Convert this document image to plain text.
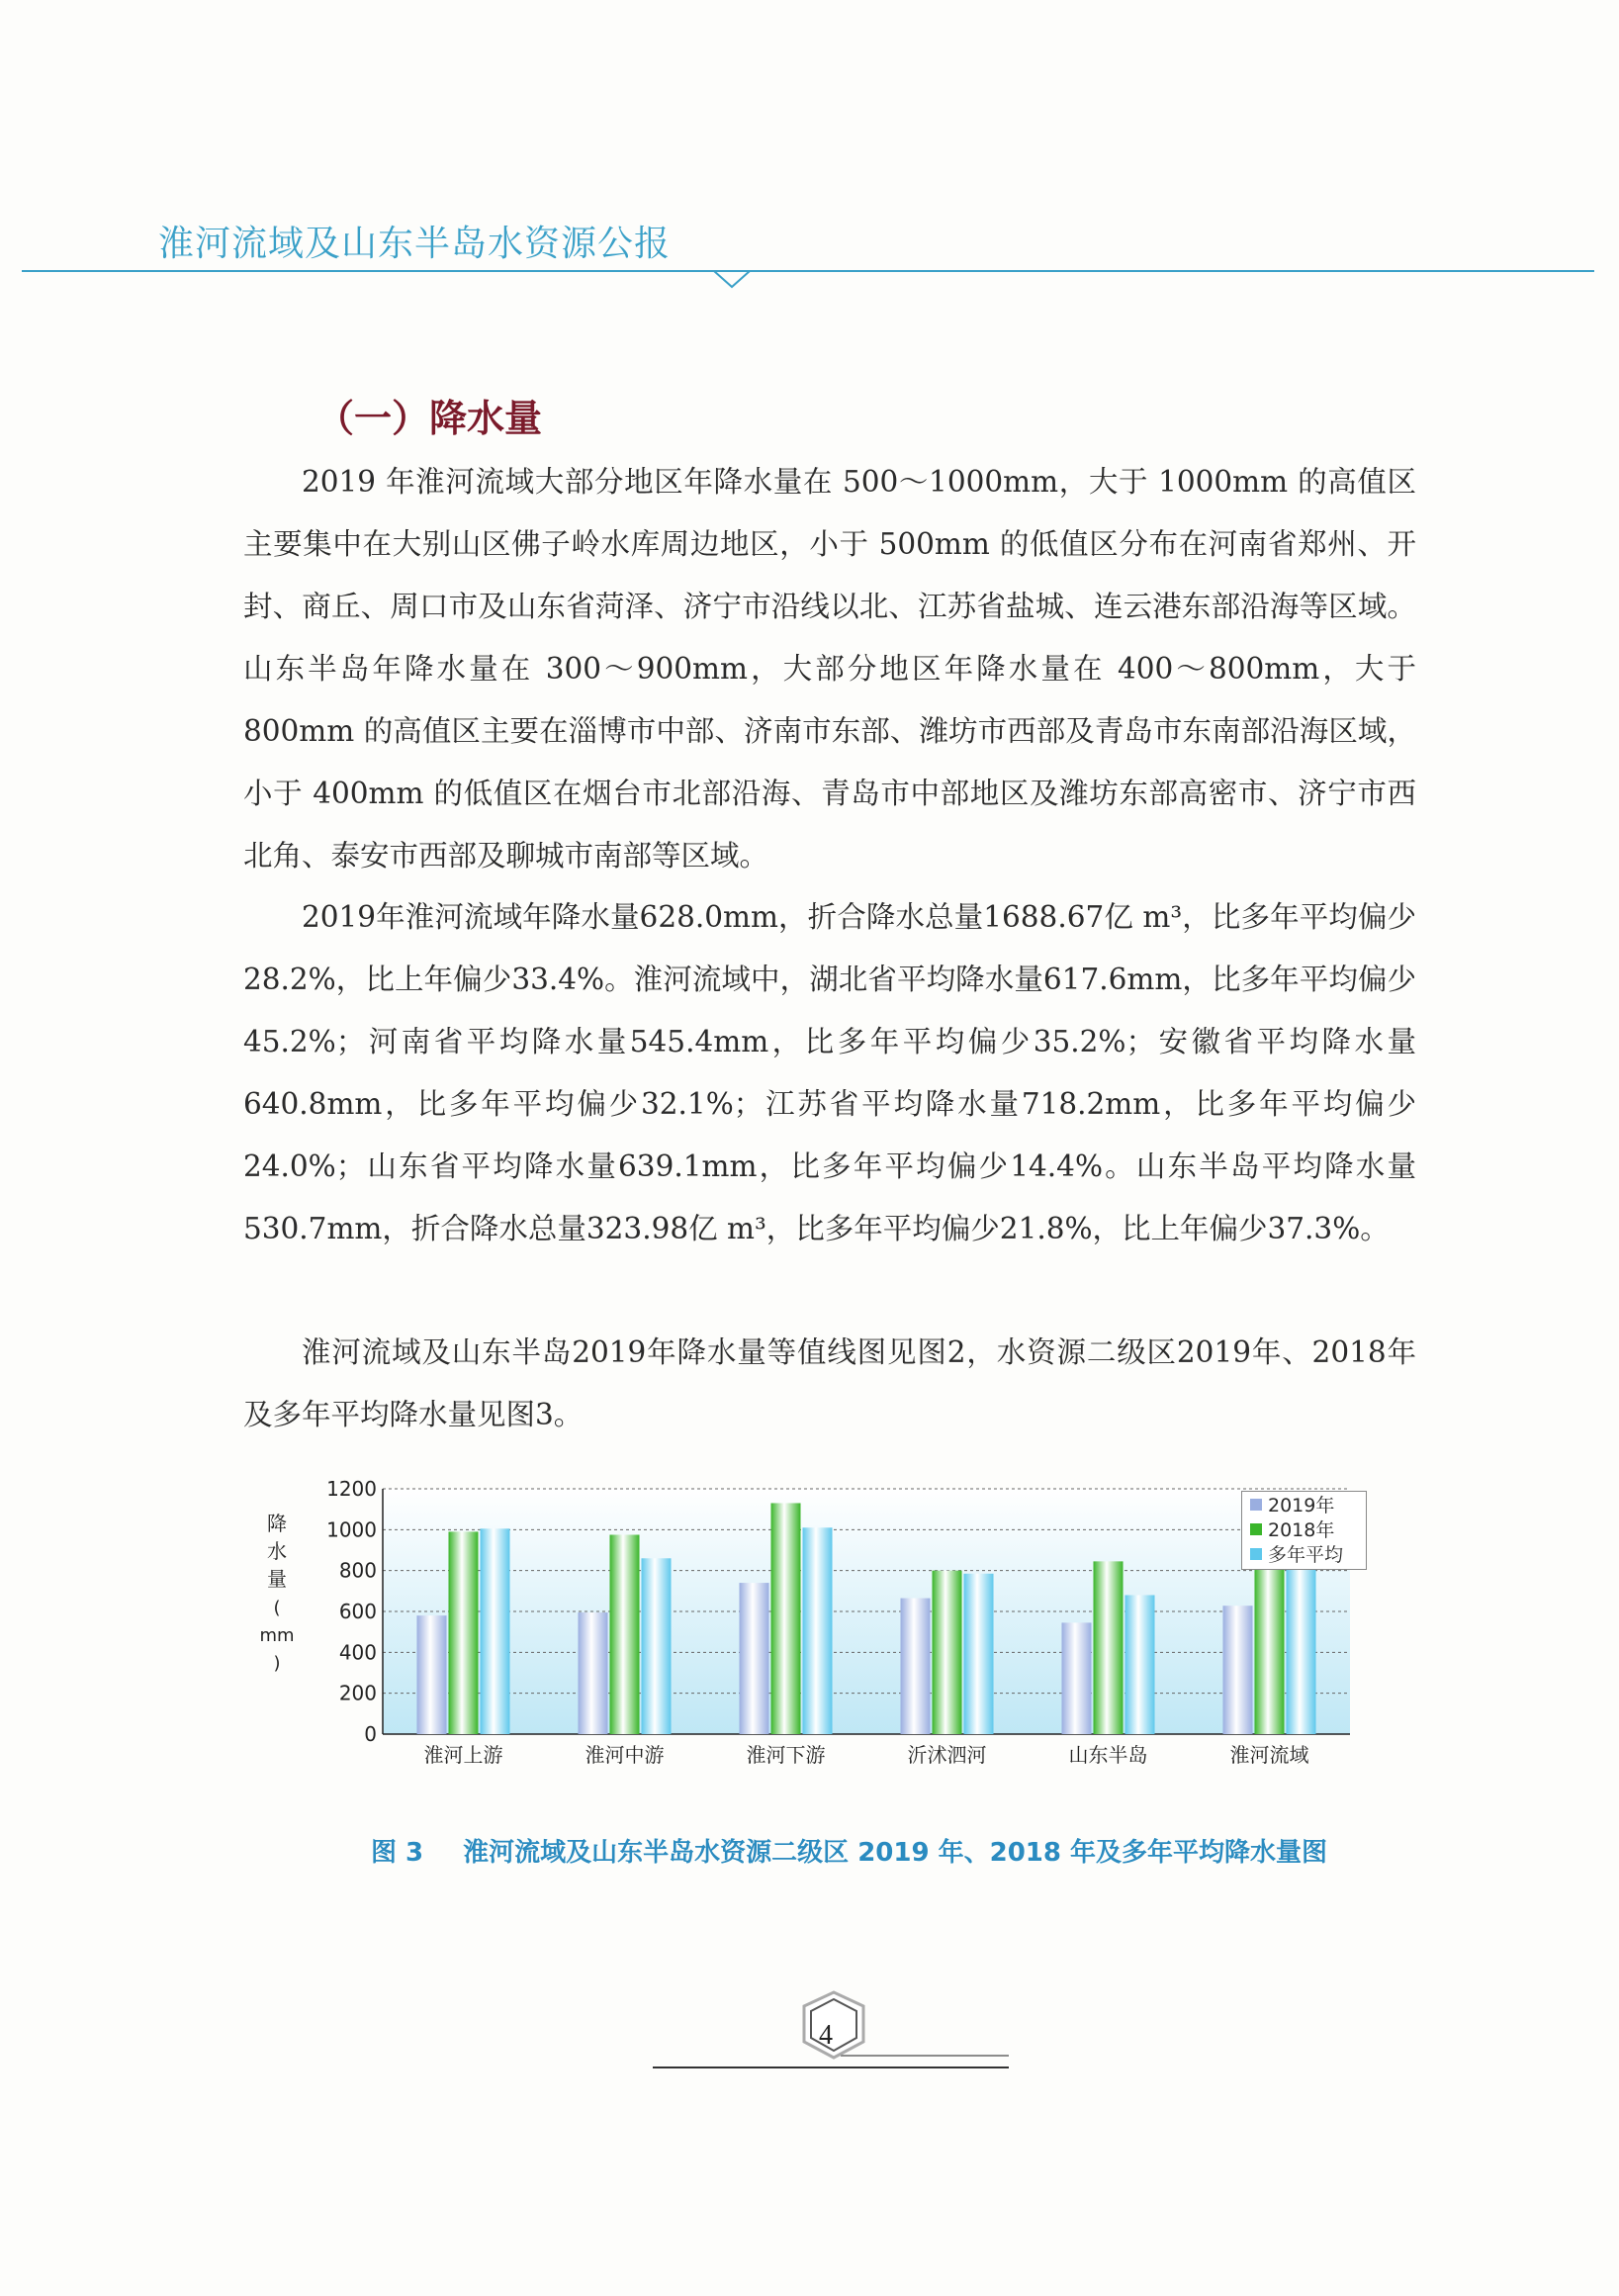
淮河流域及山东半岛水资源公报
（一）降水量

2019 年淮河流域大部分地区年降水量在 500～1000mm，大于 1000mm 的高值区主要集中在大别山区佛子岭水库周边地区，小于 500mm 的低值区分布在河南省郑州、开封、商丘、周口市及山东省菏泽、济宁市沿线以北、江苏省盐城、连云港东部沿海等区域。山东半岛年降水量在 300～900mm，大部分地区年降水量在 400～800mm，大于 800mm 的高值区主要在淄博市中部、济南市东部、潍坊市西部及青岛市东南部沿海区域，小于 400mm 的低值区在烟台市北部沿海、青岛市中部地区及潍坊东部高密市、济宁市西北角、泰安市西部及聊城市南部等区域。

2019年淮河流域年降水量628.0mm，折合降水总量1688.67亿 m³，比多年平均偏少28.2%，比上年偏少33.4%。淮河流域中，湖北省平均降水量617.6mm，比多年平均偏少45.2%；河南省平均降水量545.4mm，比多年平均偏少35.2%；安徽省平均降水量640.8mm，比多年平均偏少32.1%；江苏省平均降水量718.2mm，比多年平均偏少24.0%；山东省平均降水量639.1mm，比多年平均偏少14.4%。山东半岛平均降水量530.7mm，折合降水总量323.98亿 m³，比多年平均偏少21.8%，比上年偏少37.3%。

淮河流域及山东半岛2019年降水量等值线图见图2，水资源二级区2019年、2018年及多年平均降水量见图3。

0
200
400
600
800
1000
1200
淮河上游	淮河中游	淮河下游	沂沭泗河	山东半岛	淮河流域
降
水
量
( mm )
2019年
2018年
多年平均
图 3 淮河流域及山东半岛水资源二级区 2019 年、2018 年及多年平均降水量图
4
